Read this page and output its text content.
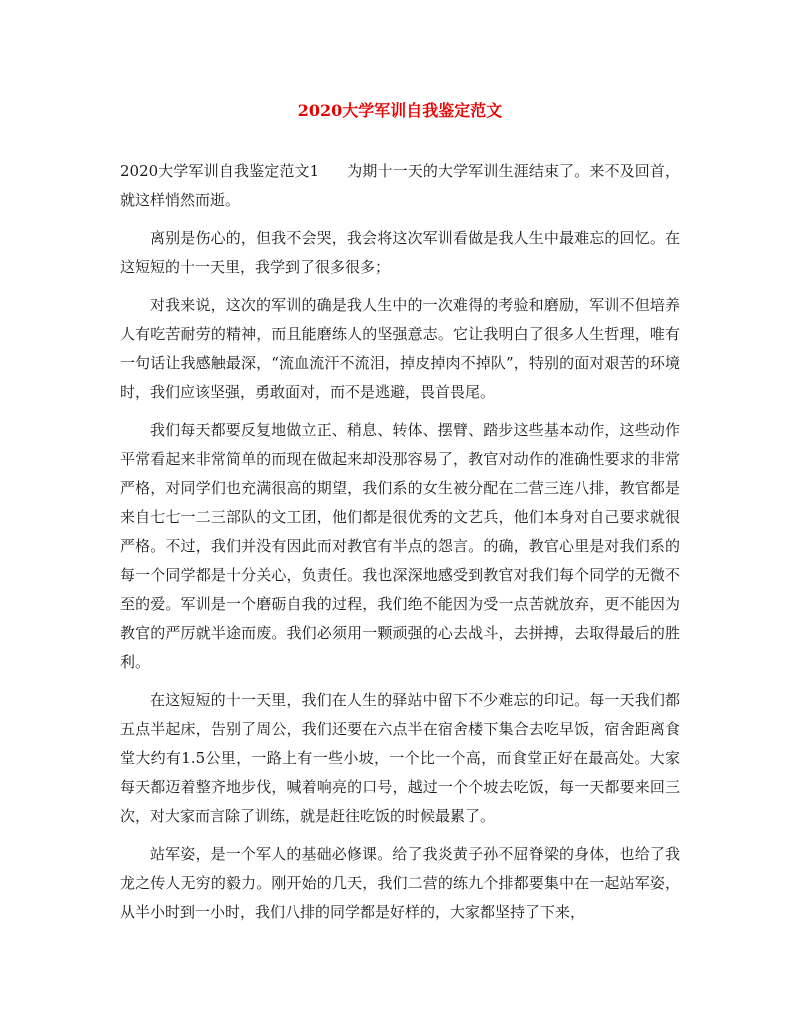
2020大学军训自我鉴定范文

2020大学军训自我鉴定范文1 为期十一天的大学军训生涯结束了。来不及回首，就这样悄然而逝。

离别是伤心的，但我不会哭，我会将这次军训看做是我人生中最难忘的回忆。在这短短的十一天里，我学到了很多很多；

对我来说，这次的军训的确是我人生中的一次难得的考验和磨励，军训不但培养人有吃苦耐劳的精神，而且能磨练人的坚强意志。它让我明白了很多人生哲理，唯有一句话让我感触最深，“流血流汗不流泪，掉皮掉肉不掉队”，特别的面对艰苦的环境时，我们应该坚强，勇敢面对，而不是逃避，畏首畏尾。

我们每天都要反复地做立正、稍息、转体、摆臂、踏步这些基本动作，这些动作平常看起来非常简单的而现在做起来却没那容易了，教官对动作的准确性要求的非常严格，对同学们也充满很高的期望，我们系的女生被分配在二营三连八排，教官都是来自七七一二三部队的文工团，他们都是很优秀的文艺兵，他们本身对自己要求就很严格。不过，我们并没有因此而对教官有半点的怨言。的确，教官心里是对我们系的每一个同学都是十分关心，负责任。我也深深地感受到教官对我们每个同学的无微不至的爱。军训是一个磨砺自我的过程，我们绝不能因为受一点苦就放弃，更不能因为教官的严厉就半途而废。我们必须用一颗顽强的心去战斗，去拼搏，去取得最后的胜利。

在这短短的十一天里，我们在人生的驿站中留下不少难忘的印记。每一天我们都五点半起床，告别了周公，我们还要在六点半在宿舍楼下集合去吃早饭，宿舍距离食堂大约有1.5公里，一路上有一些小坡，一个比一个高，而食堂正好在最高处。大家每天都迈着整齐地步伐，喊着响亮的口号，越过一个个坡去吃饭，每一天都要来回三次，对大家而言除了训练，就是赶往吃饭的时候最累了。

站军姿，是一个军人的基础必修课。给了我炎黄子孙不屈脊梁的身体，也给了我龙之传人无穷的毅力。刚开始的几天，我们二营的练九个排都要集中在一起站军姿，从半小时到一小时，我们八排的同学都是好样的，大家都坚持了下来，
